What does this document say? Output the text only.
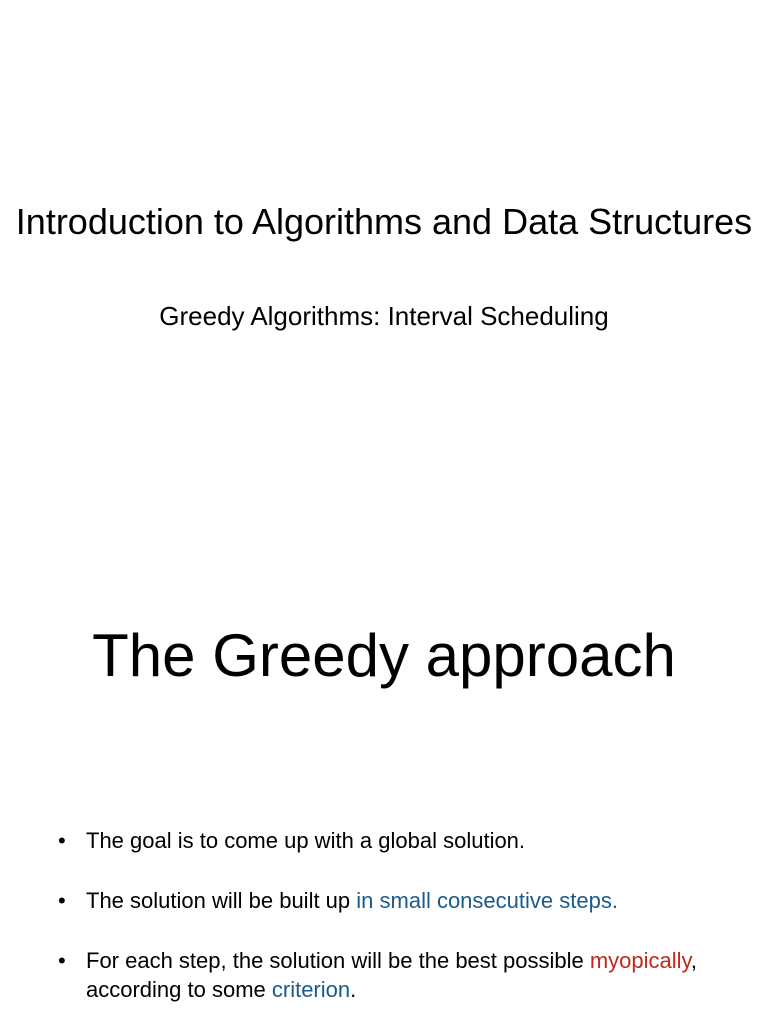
Introduction to Algorithms and Data Structures
Greedy Algorithms: Interval Scheduling
The Greedy approach
• The goal is to come up with a global solution.
• The solution will be built up in small consecutive steps.
• For each step, the solution will be the best possible myopically, according to some criterion.
